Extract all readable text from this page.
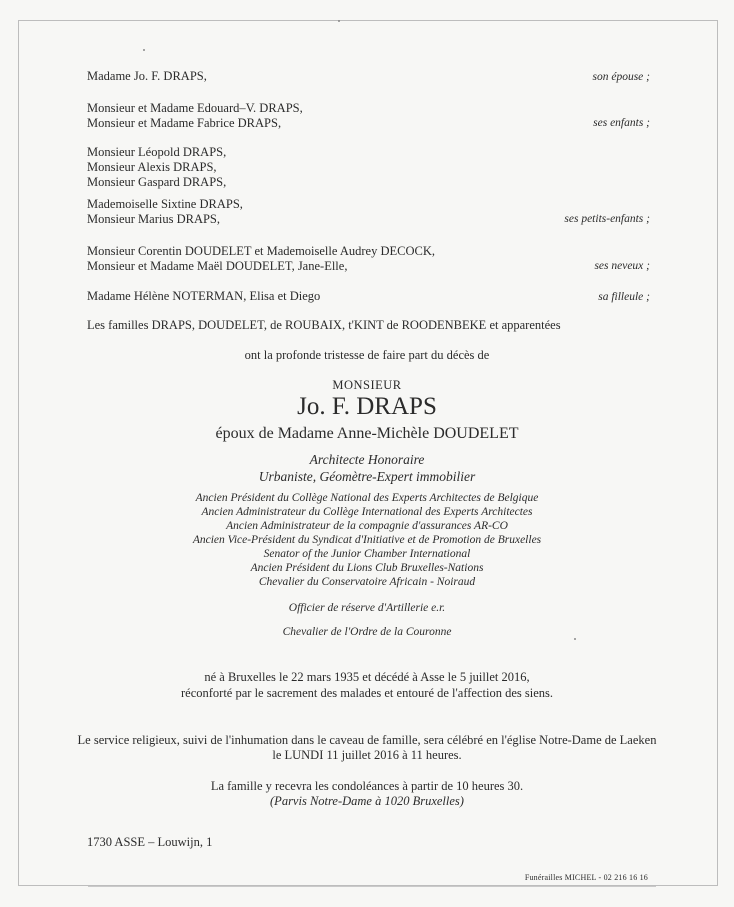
Madame Jo. F. DRAPS,	son épouse ;
Monsieur et Madame Edouard–V. DRAPS,
Monsieur et Madame Fabrice DRAPS,	ses enfants ;
Monsieur Léopold DRAPS,
Monsieur Alexis DRAPS,
Monsieur Gaspard DRAPS,
Mademoiselle Sixtine DRAPS,
Monsieur Marius DRAPS,	ses petits-enfants ;
Monsieur Corentin DOUDELET et Mademoiselle Audrey DECOCK,
Monsieur et Madame Maël DOUDELET, Jane-Elle,	ses neveux ;
Madame Hélène NOTERMAN, Elisa et Diego	sa filleule ;
Les familles DRAPS, DOUDELET, de ROUBAIX, t'KINT de ROODENBEKE et apparentées
ont la profonde tristesse de faire part du décès de
MONSIEUR
Jo. F. DRAPS
époux de Madame Anne-Michèle DOUDELET
Architecte Honoraire
Urbaniste, Géomètre-Expert immobilier
Ancien Président du Collège National des Experts Architectes de Belgique
Ancien Administrateur du Collège International des Experts Architectes
Ancien Administrateur de la compagnie d'assurances AR-CO
Ancien Vice-Président du Syndicat d'Initiative et de Promotion de Bruxelles
Senator of the Junior Chamber International
Ancien Président du Lions Club Bruxelles-Nations
Chevalier du Conservatoire Africain - Noiraud
Officier de réserve d'Artillerie e.r.
Chevalier de l'Ordre de la Couronne
né à Bruxelles le 22 mars 1935 et décédé à Asse le 5 juillet 2016,
réconforté par le sacrement des malades et entouré de l'affection des siens.
Le service religieux, suivi de l'inhumation dans le caveau de famille, sera célébré en l'église Notre-Dame de Laeken
le LUNDI 11 juillet 2016 à 11 heures.
La famille y recevra les condoléances à partir de 10 heures 30.
(Parvis Notre-Dame à 1020 Bruxelles)
1730 ASSE – Louwijn, 1
Funérailles MICHEL - 02 216 16 16
